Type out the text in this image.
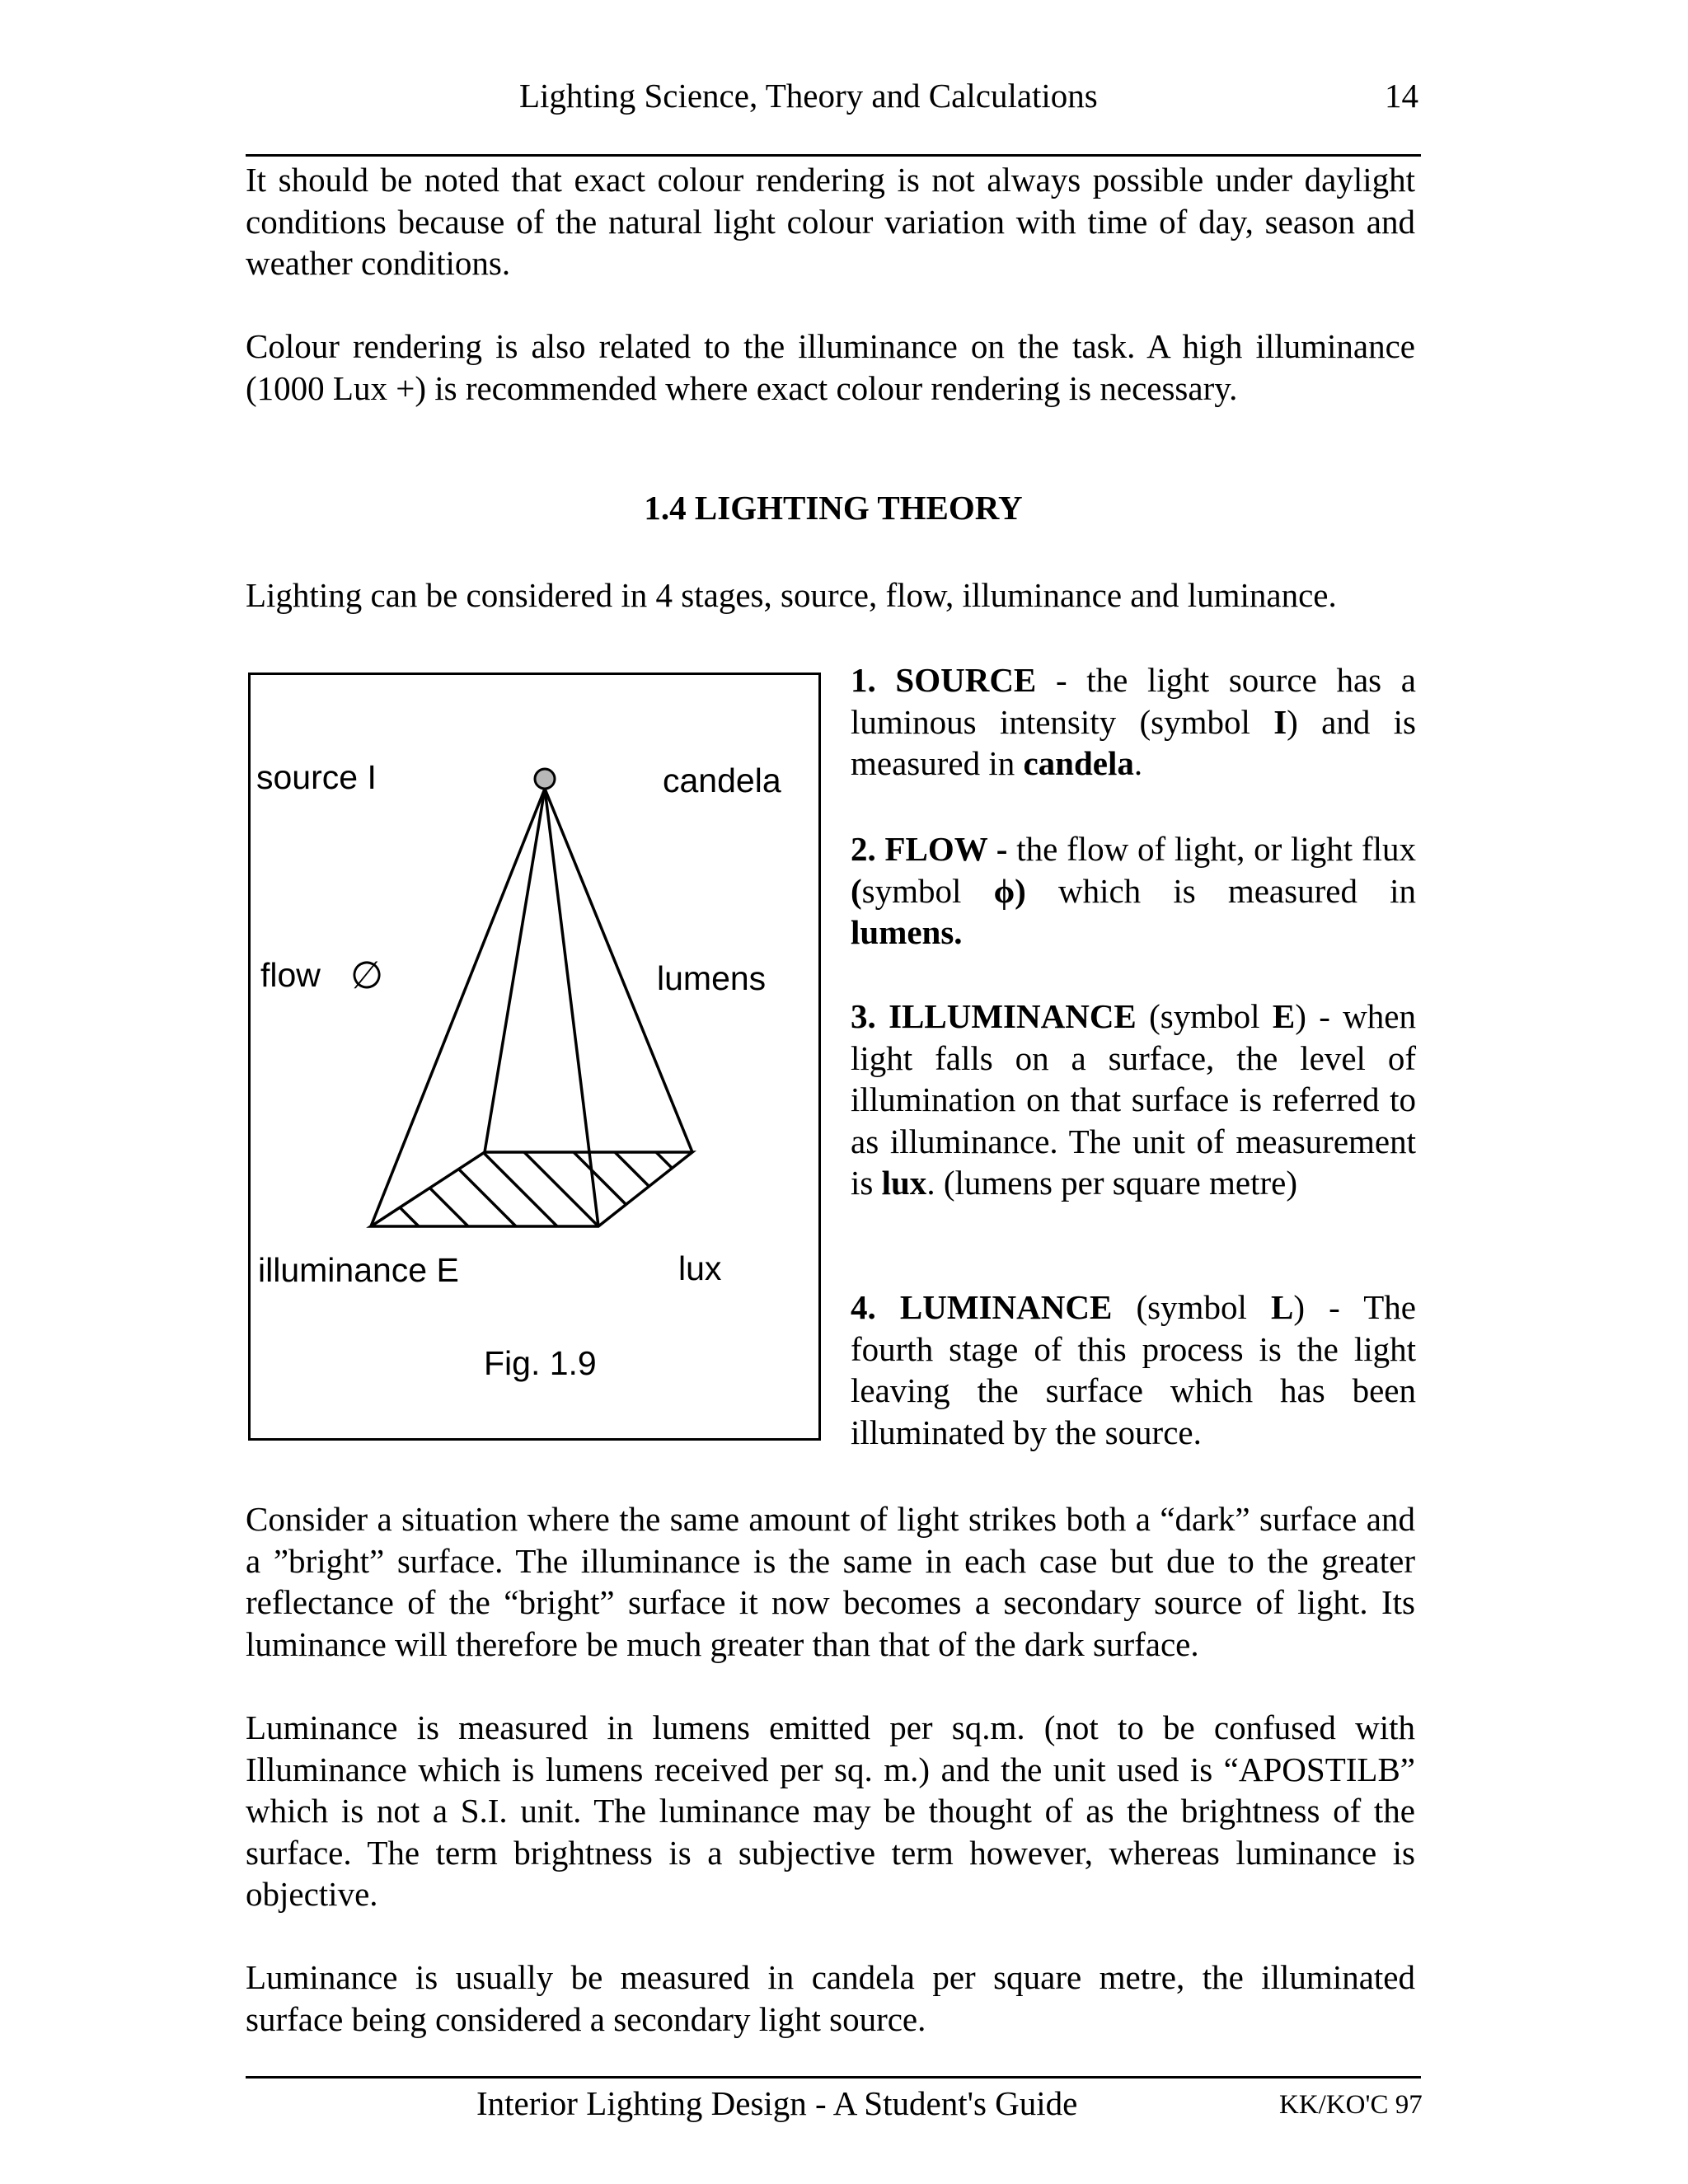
Lighting Science, Theory and Calculations	14
It should be noted that exact colour rendering is not always possible under daylight conditions because of the natural light colour variation with time of day, season and weather conditions.
Colour rendering is also related to the illuminance on the task. A high illuminance (1000 Lux +) is recommended where exact colour rendering is necessary.
1.4 LIGHTING THEORY
Lighting can be considered in 4 stages, source, flow, illuminance and luminance.
source I	candela
flow ∅	lumens
illuminance E	lux
Fig. 1.9

1. SOURCE - the light source has a luminous intensity (symbol I) and is measured in candela.

2. FLOW - the flow of light, or light flux (symbol ϕ) which is measured in lumens.

3. ILLUMINANCE (symbol E) - when light falls on a surface, the level of illumination on that surface is referred to as illuminance. The unit of measurement is lux. (lumens per square metre)

4. LUMINANCE (symbol L) - The fourth stage of this process is the light leaving the surface which has been illuminated by the source.

Consider a situation where the same amount of light strikes both a “dark” surface and a ”bright” surface. The illuminance is the same in each case but due to the greater reflectance of the “bright” surface it now becomes a secondary source of light. Its luminance will therefore be much greater than that of the dark surface.
Luminance is measured in lumens emitted per sq.m. (not to be confused with Illuminance which is lumens received per sq. m.) and the unit used is “APOSTILB” which is not a S.I. unit. The luminance may be thought of as the brightness of the surface. The term brightness is a subjective term however, whereas luminance is objective.
Luminance is usually be measured in candela per square metre, the illuminated surface being considered a secondary light source.
Interior Lighting Design - A Student's Guide	KK/KO'C 97
